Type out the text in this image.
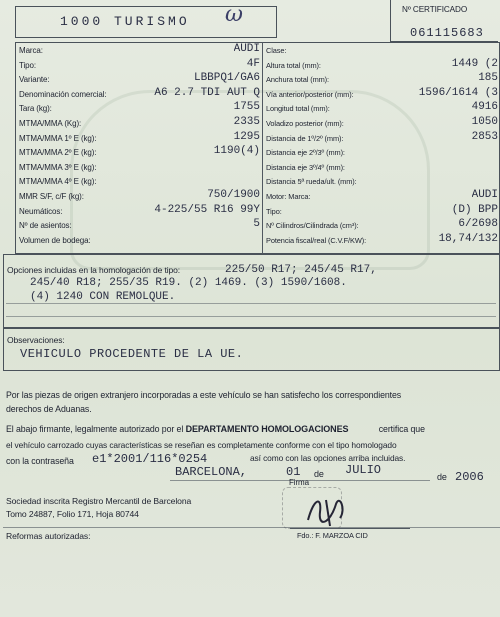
1000 TURISMO ω	Nº CERTIFICADO
061115683
Opciones incluidas en la homologación de tipo:	225/50 R17; 245/45 R17,
245/40 R18; 255/35 R19. (2) 1469. (3) 1590/1608.
(4) 1240 CON REMOLQUE.
Observaciones:
VEHICULO PROCEDENTE DE LA UE.
Por las piezas de origen extranjero incorporadas a este vehículo se han satisfecho los correspondientes
derechos de Aduanas.
El abajo firmante, legalmente autorizado por el DEPARTAMENTO HOMOLOGACIONES	certifica que
el vehículo carrozado cuyas características se reseñan es completamente conforme con el tipo homologado
con la contraseña e1*2001/116*0254	así como con las opciones arriba incluidas.
BARCELONA,	01 de JULIO	de 2006
Firma
Sociedad inscrita Registro Mercantil de Barcelona
Tomo 24887, Folio 171, Hoja 80744
Fdo.: F. MARZOA CID
Reformas autorizadas:
Marca:	AUDI
Tipo:	4F
Variante:	LBBPQ1/GA6
Denominación comercial:	A6 2.7 TDI AUT Q
Tara (kg):	1755
MTMA/MMA (Kg):	2335
MTMA/MMA 1º E (kg):	1295
MTMA/MMA 2º E (kg):	1190(4)
MTMA/MMA 3º E (kg):
MTMA/MMA 4º E (kg):
MMR S/F, c/F (kg):	750/1900
Neumáticos:	4-225/55 R16 99Y
Nº de asientos:	5
Volumen de bodega:
Clase:
Altura total (mm):	1449 (2
Anchura total (mm):	185
Vía anterior/posterior (mm):	1596/1614 (3
Longitud total (mm):	4916
Voladizo posterior (mm):	1050
Distancia de 1º/2º (mm):	2853
Distancia eje 2º/3º (mm):
Distancia eje 3º/4º (mm):
Distancia 5ª rueda/ult. (mm):
Motor: Marca:	AUDI
Tipo:	(D) BPP
Nº Cilindros/Cilindrada (cm³):	6/2698
Potencia fiscal/real (C.V.F/KW):	18,74/132
